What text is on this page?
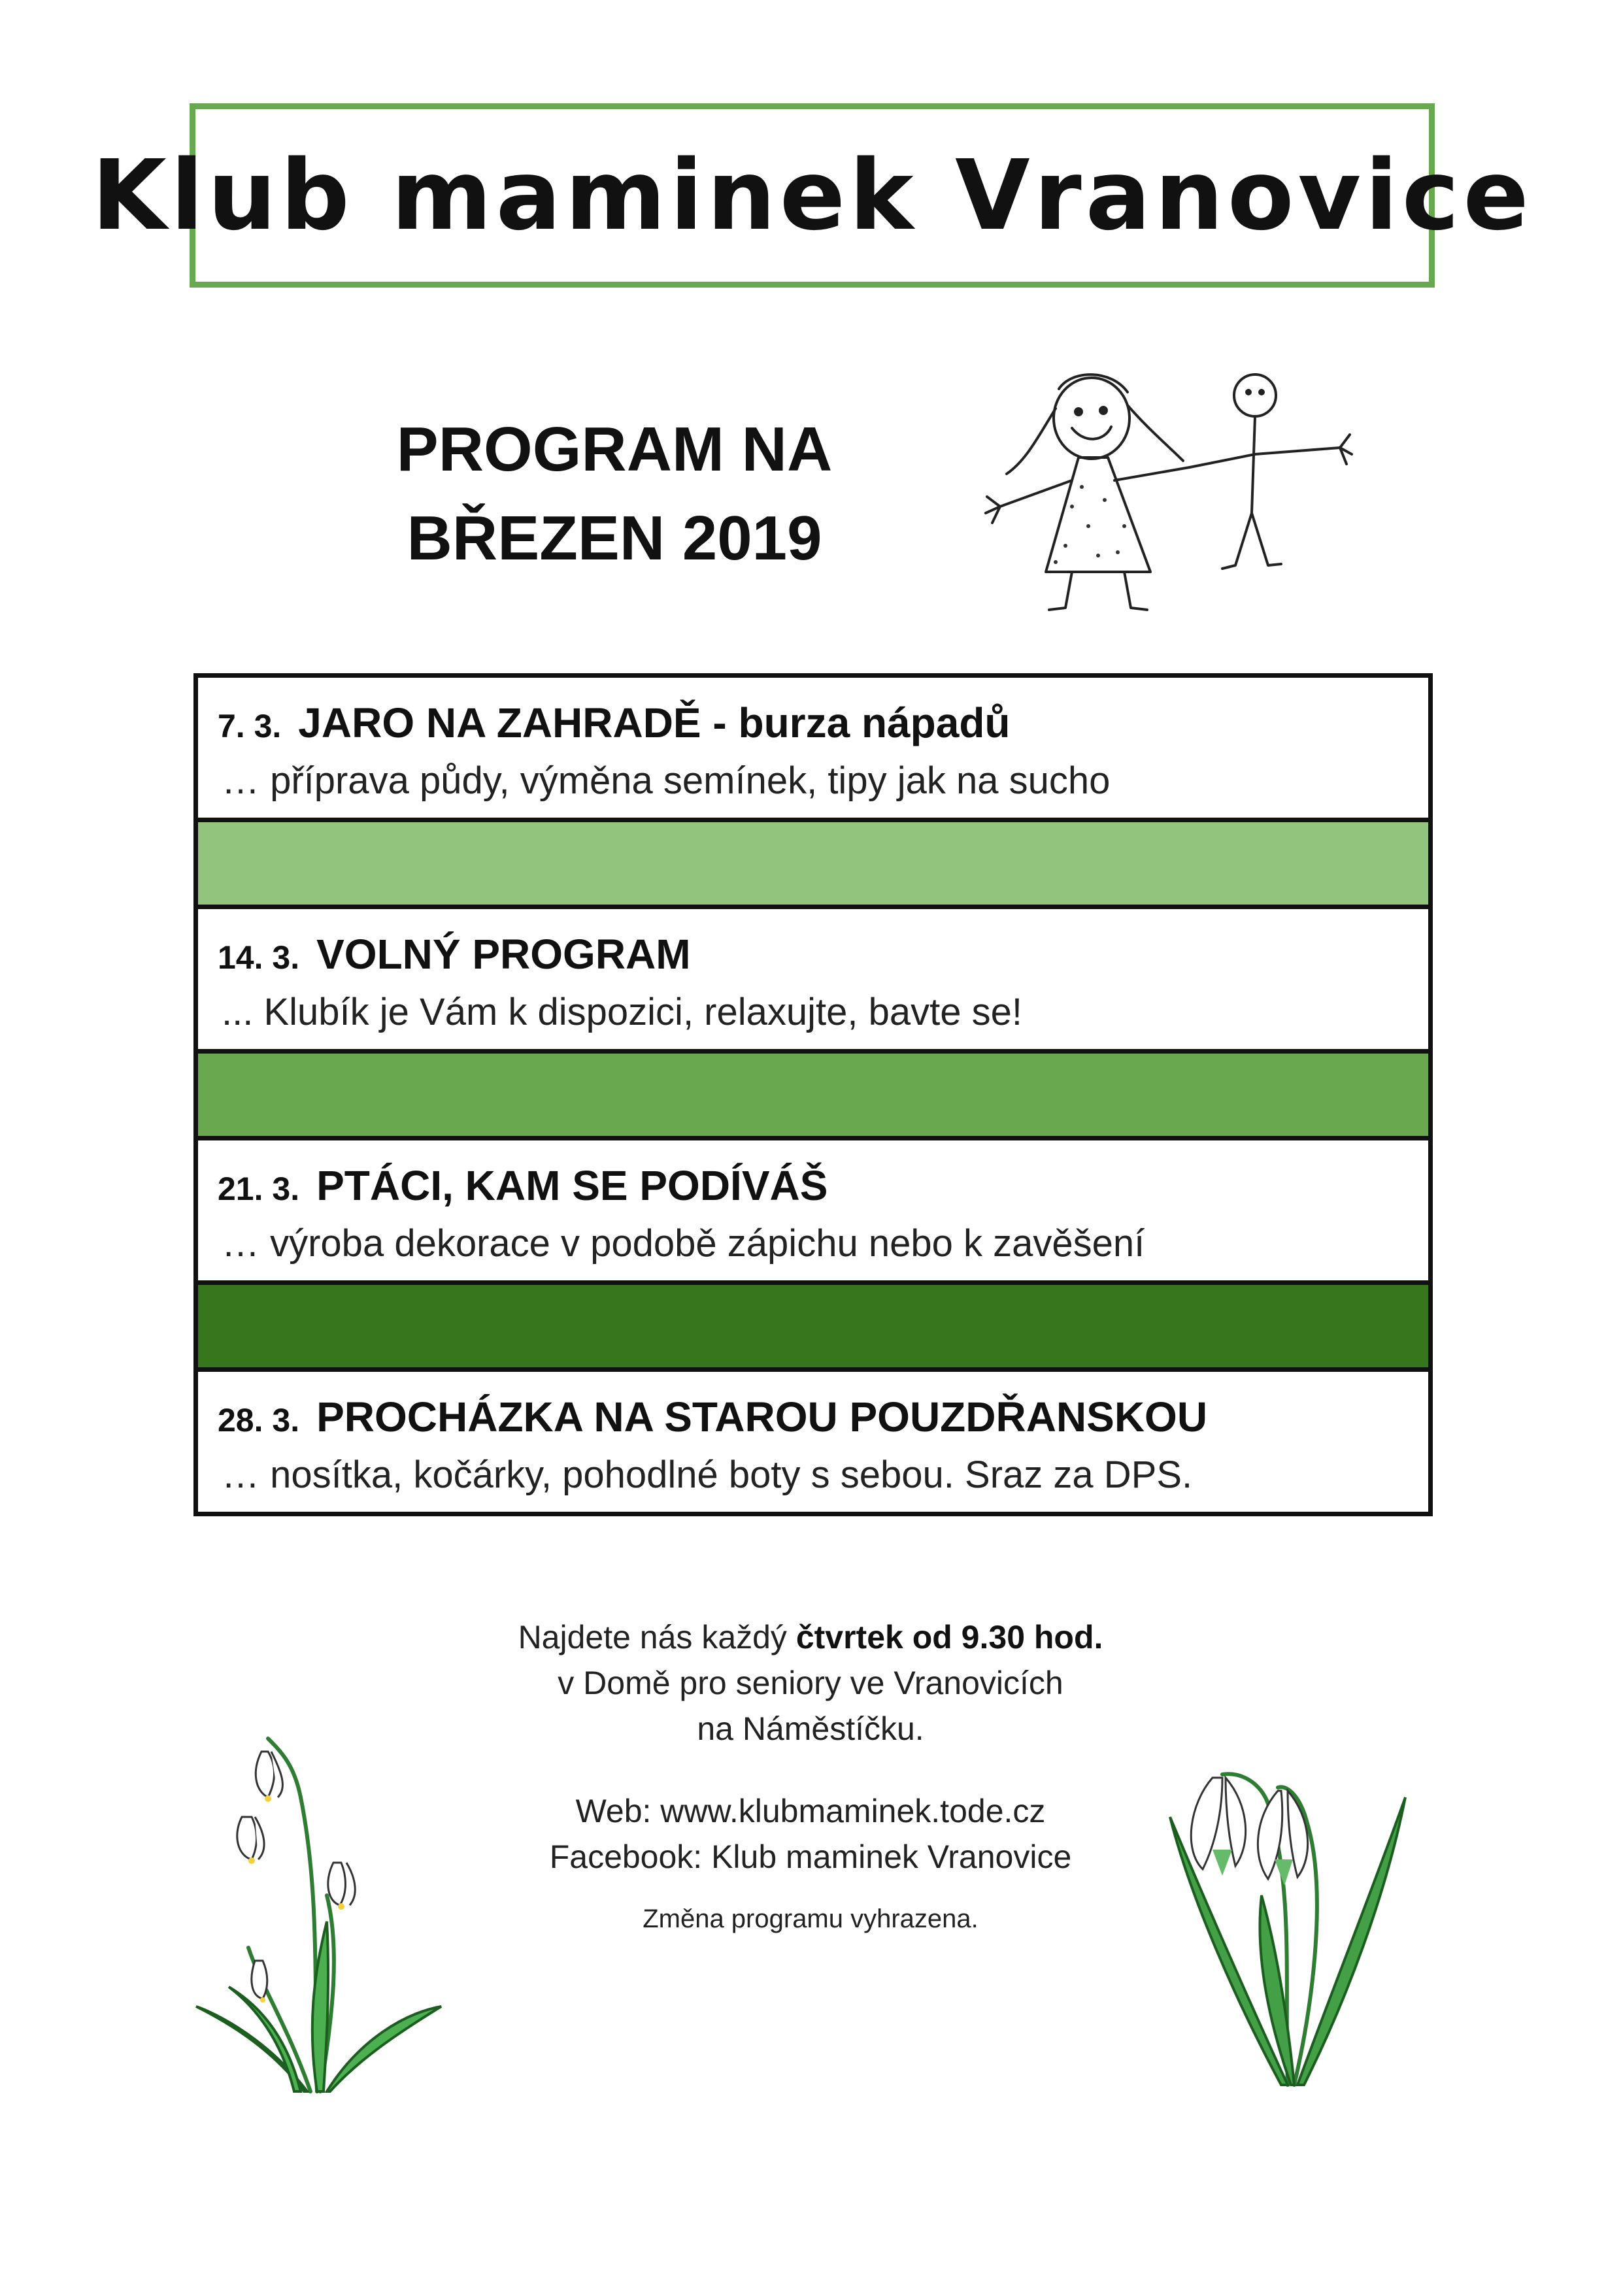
Klub maminek Vranovice
PROGRAM NA
BŘEZEN 2019
7. 3. JARO NA ZAHRADĚ - burza nápadů
… příprava půdy, výměna semínek, tipy jak na sucho
14. 3. VOLNÝ PROGRAM
... Klubík je Vám k dispozici, relaxujte, bavte se!
21. 3. PTÁCI, KAM SE PODÍVÁŠ
… výroba dekorace v podobě zápichu nebo k zavěšení
28. 3. PROCHÁZKA NA STAROU POUZDŘANSKOU
… nosítka, kočárky, pohodlné boty s sebou. Sraz za DPS.
Najdete nás každý čtvrtek od 9.30 hod.
v Domě pro seniory ve Vranovicích
na Náměstíčku.
Web: www.klubmaminek.tode.cz
Facebook: Klub maminek Vranovice
Změna programu vyhrazena.
